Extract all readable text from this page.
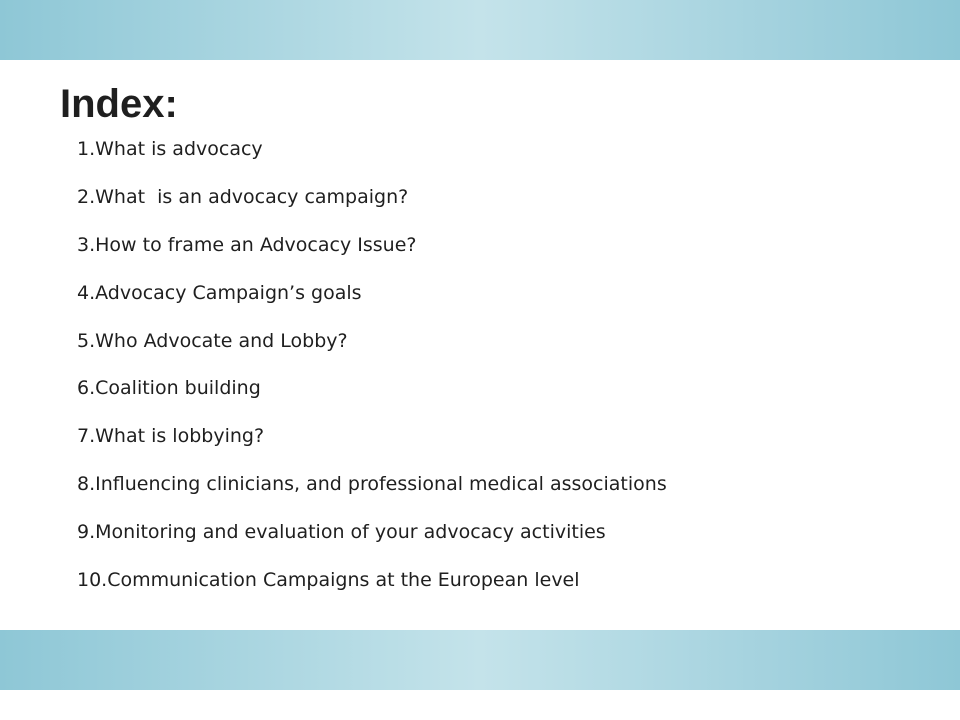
Index:
1.What is advocacy
2.What  is an advocacy campaign?
3.How to frame an Advocacy Issue?
4.Advocacy Campaign’s goals
5.Who Advocate and Lobby?
6.Coalition building
7.What is lobbying?
8.Influencing clinicians, and professional medical associations
9.Monitoring and evaluation of your advocacy activities
10.Communication Campaigns at the European level
